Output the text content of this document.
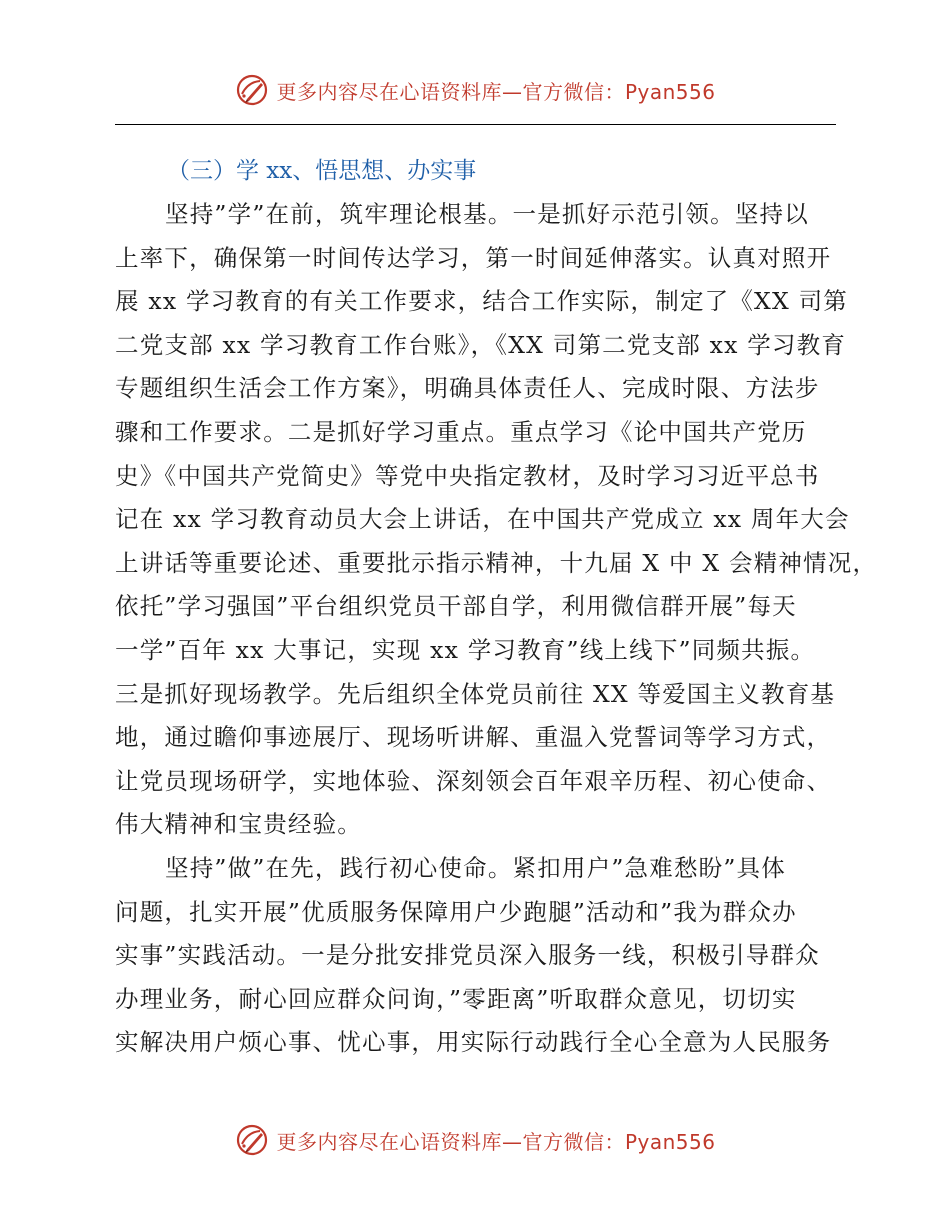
更多内容尽在心语资料库—官方微信：Pyan556

（三）学 xx、悟思想、办实事

坚持”学”在前，筑牢理论根基。一是抓好示范引领。坚持以

上率下，确保第一时间传达学习，第一时间延伸落实。认真对照开

展 xx 学习教育的有关工作要求，结合工作实际，制定了《XX 司第

二党支部 xx 学习教育工作台账》，《XX 司第二党支部 xx 学习教育

专题组织生活会工作方案》，明确具体责任人、完成时限、方法步

骤和工作要求。二是抓好学习重点。重点学习《论中国共产党历

史》《中国共产党简史》等党中央指定教材，及时学习习近平总书

记在 xx 学习教育动员大会上讲话，在中国共产党成立 xx 周年大会

上讲话等重要论述、重要批示指示精神，十九届 X 中 X 会精神情况，

依托”学习强国”平台组织党员干部自学，利用微信群开展”每天

一学”百年 xx 大事记，实现 xx 学习教育”线上线下”同频共振。

三是抓好现场教学。先后组织全体党员前往 XX 等爱国主义教育基

地，通过瞻仰事迹展厅、现场听讲解、重温入党誓词等学习方式，

让党员现场研学，实地体验、深刻领会百年艰辛历程、初心使命、

伟大精神和宝贵经验。

坚持”做”在先，践行初心使命。紧扣用户”急难愁盼”具体

问题，扎实开展”优质服务保障用户少跑腿”活动和”我为群众办

实事”实践活动。一是分批安排党员深入服务一线，积极引导群众

办理业务，耐心回应群众问询，”零距离”听取群众意见，切切实

实解决用户烦心事、忧心事，用实际行动践行全心全意为人民服务

更多内容尽在心语资料库—官方微信：Pyan556
